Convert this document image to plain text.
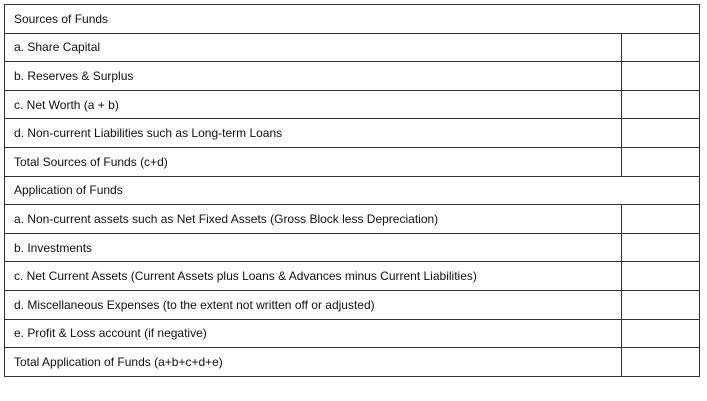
Sources of Funds	
a. Share Capital	
b. Reserves & Surplus	
c. Net Worth (a + b)	
d. Non-current Liabilities such as Long-term Loans	
Total Sources of Funds (c+d)	
Application of Funds	
a. Non-current assets such as Net Fixed Assets (Gross Block less Depreciation)	
b. Investments	
c. Net Current Assets (Current Assets plus Loans & Advances minus Current Liabilities)	
d. Miscellaneous Expenses (to the extent not written off or adjusted)	
e. Profit & Loss account (if negative)	
Total Application of Funds (a+b+c+d+e)	
